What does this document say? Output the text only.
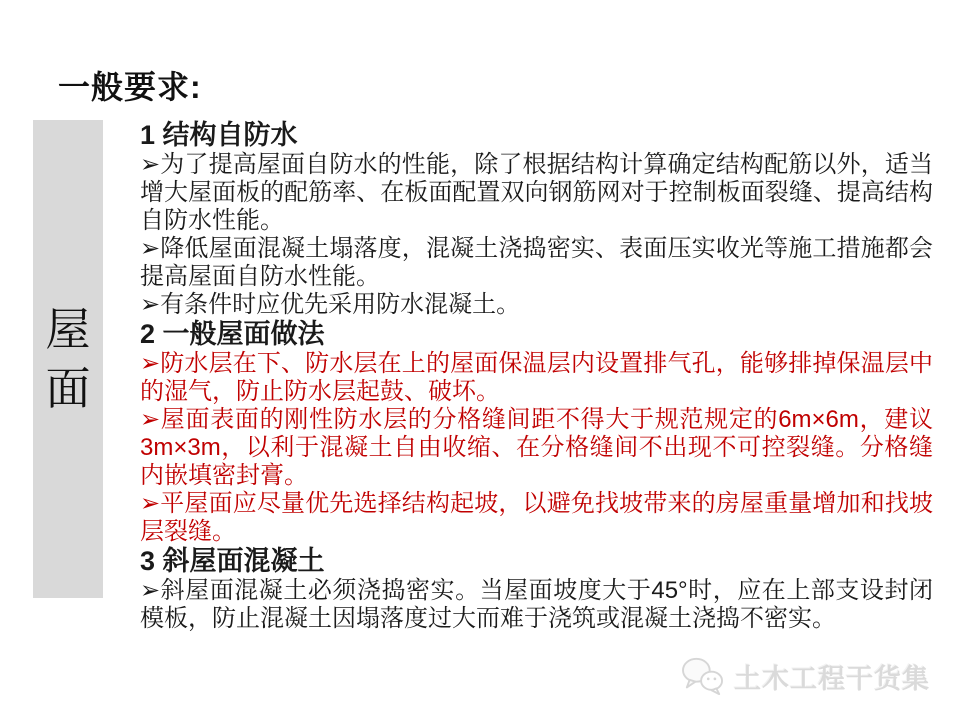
一般要求:
屋
面
1 结构自防水
➢为了提高屋面自防水的性能，除了根据结构计算确定结构配筋以外，适当增大屋面板的配筋率、在板面配置双向钢筋网对于控制板面裂缝、提高结构自防水性能。
➢降低屋面混凝土塌落度，混凝土浇捣密实、表面压实收光等施工措施都会提高屋面自防水性能。
➢有条件时应优先采用防水混凝土。
2 一般屋面做法
➢防水层在下、防水层在上的屋面保温层内设置排气孔，能够排掉保温层中的湿气，防止防水层起鼓、破坏。
➢屋面表面的刚性防水层的分格缝间距不得大于规范规定的6m×6m，建议3m×3m，以利于混凝土自由收缩、在分格缝间不出现不可控裂缝。分格缝内嵌填密封膏。
➢平屋面应尽量优先选择结构起坡，以避免找坡带来的房屋重量增加和找坡层裂缝。
3 斜屋面混凝土
➢斜屋面混凝土必须浇捣密实。当屋面坡度大于45°时，应在上部支设封闭模板，防止混凝土因塌落度过大而难于浇筑或混凝土浇捣不密实。
土木工程干货集
